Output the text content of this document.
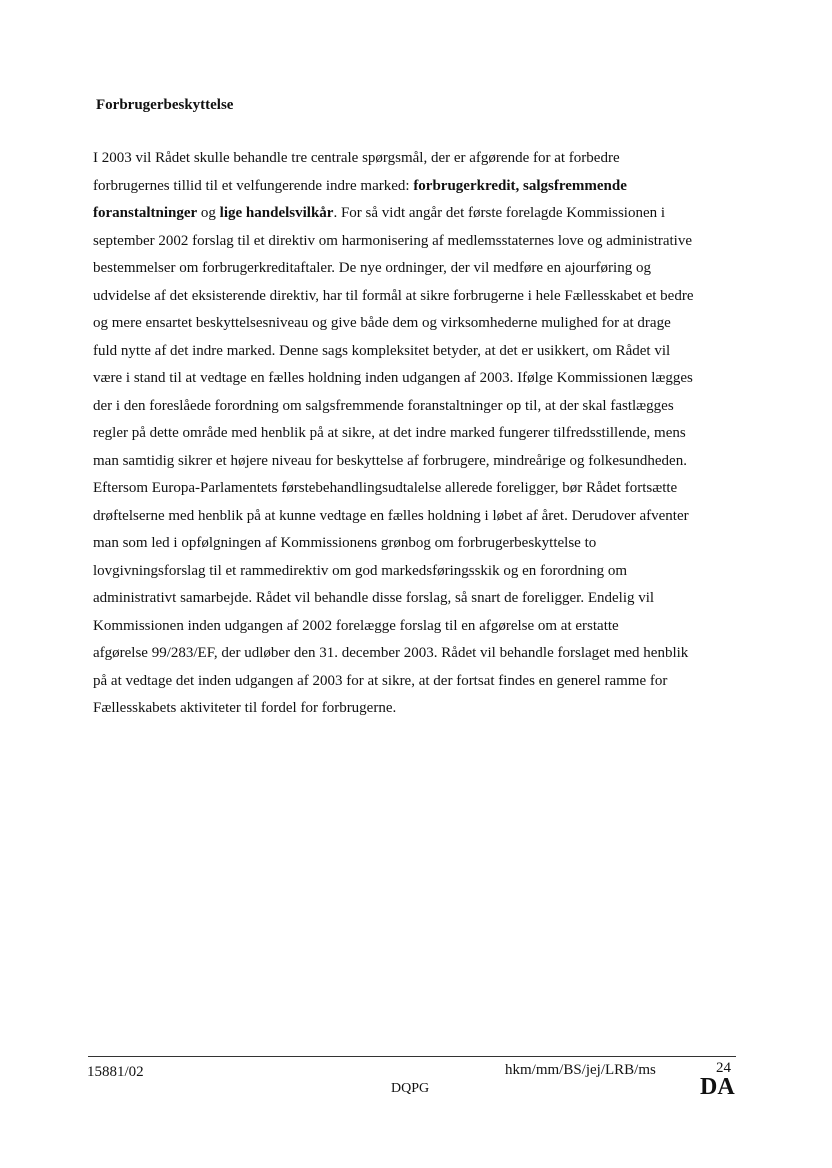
Forbrugerbeskyttelse

I 2003 vil Rådet skulle behandle tre centrale spørgsmål, der er afgørende for at forbedre
forbrugernes tillid til et velfungerende indre marked: forbrugerkredit, salgsfremmende
foranstaltninger og lige handelsvilkår. For så vidt angår det første forelagde Kommissionen i
september 2002 forslag til et direktiv om harmonisering af medlemsstaternes love og administrative
bestemmelser om forbrugerkreditaftaler. De nye ordninger, der vil medføre en ajourføring og
udvidelse af det eksisterende direktiv, har til formål at sikre forbrugerne i hele Fællesskabet et bedre
og mere ensartet beskyttelsesniveau og give både dem og virksomhederne mulighed for at drage
fuld nytte af det indre marked. Denne sags kompleksitet betyder, at det er usikkert, om Rådet vil
være i stand til at vedtage en fælles holdning inden udgangen af 2003. Ifølge Kommissionen lægges
der i den foreslåede forordning om salgsfremmende foranstaltninger op til, at der skal fastlægges
regler på dette område med henblik på at sikre, at det indre marked fungerer tilfredsstillende, mens
man samtidig sikrer et højere niveau for beskyttelse af forbrugere, mindreårige og folkesundheden.
Eftersom Europa-Parlamentets førstebehandlingsudtalelse allerede foreligger, bør Rådet fortsætte
drøftelserne med henblik på at kunne vedtage en fælles holdning i løbet af året. Derudover afventer
man som led i opfølgningen af Kommissionens grønbog om forbrugerbeskyttelse to
lovgivningsforslag til et rammedirektiv om god markedsføringsskik og en forordning om
administrativt samarbejde. Rådet vil behandle disse forslag, så snart de foreligger. Endelig vil
Kommissionen inden udgangen af 2002 forelægge forslag til en afgørelse om at erstatte
afgørelse 99/283/EF, der udløber den 31. december 2003. Rådet vil behandle forslaget med henblik
på at vedtage det inden udgangen af 2003 for at sikre, at der fortsat findes en generel ramme for
Fællesskabets aktiviteter til fordel for forbrugerne.

15881/02	hkm/mm/BS/jej/LRB/ms	24
DQPG	DA
